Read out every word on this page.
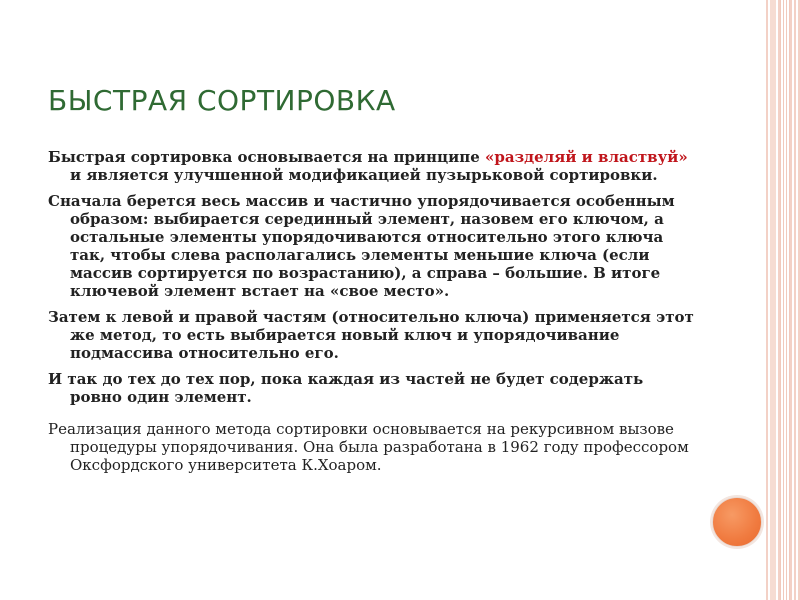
БЫСТРАЯ СОРТИРОВКА

Быстрая сортировка основывается на принципе «разделяй и властвуй» и является улучшенной модификацией пузырьковой сортировки.

Сначала берется весь массив и частично упорядочивается особенным образом: выбирается серединный элемент, назовем его ключом, а остальные элементы упорядочиваются относительно этого ключа так, чтобы слева располагались элементы меньшие ключа (если массив сортируется по возрастанию), а справа – большие. В итоге ключевой элемент встает на «свое место».

Затем к левой и правой частям (относительно ключа) применяется этот же метод, то есть выбирается новый ключ и упорядочивание подмассива относительно его.

И так до тех до тех пор, пока каждая из частей не будет содержать ровно один элемент.

Реализация данного метода сортировки основывается на рекурсивном вызове процедуры упорядочивания. Она была разработана в 1962 году профессором Оксфордского университета К.Хоаром.
